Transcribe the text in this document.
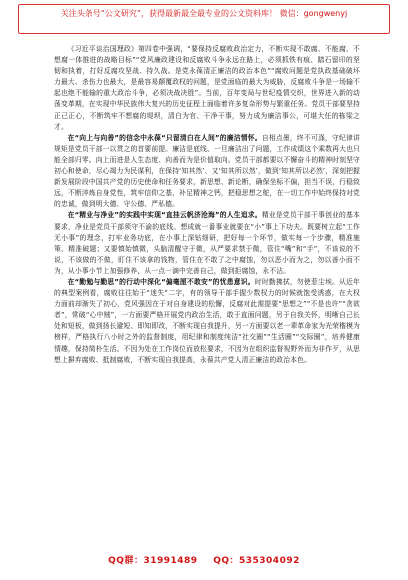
关注头条号“公文研究”，获得最新最全最专业的公文资料库！ 微信：gongwenyj

《习近平谈治国理政》第四卷中强调，“要保持反腐败政治定力，不断实现不敢腐、不能腐、不想腐一体推进的战略目标”“党风廉政建设和反腐败斗争永远在路上，必须抓铁有痕、踏石留印的坚韧和执着，打好反腐攻坚战、持久战。是党永葆清正廉洁的政治本色”“腐败问题是党执政基础破坏力最大、杀伤力也最大，是最容易颠覆政权的问题，是党面临的最大为威胁，反腐败斗争是一场输不起也绝不能输的重大政治斗争，必须决战决胜”。当前，百年变局与世纪疫情交织，世界进入新的动荡变革期，在实现中华民族伟大复兴的历史征程上面临着许多复杂形势与繁重任务。党员干部要坚持正己正心，不断筑牢不想腐的堤坝，清白为官、干净干事，努力成为廉洁事公，可堪大任的栋梁之才。

在“向上与向善”的信念中永葆“只留清白在人间”的廉洁情怀。自相点墨，终不可涤，守纪律讲规矩是党员干部一以贯之的首要前提。廉洁是底线、一旦廉洁出了问题，工作成绩这个乘数再大也只能全部归零。向上而进是人生态度、向善而为是价值取向。党员干部都要以不懈奋斗的精神时刻坚守初心和使命，尽心竭力为民谋利，在保持‘知其然’、又‘知其所以然’，做到‘知其所以必然’，深刻把握新发展阶段中国共产党的历史使命和任务要求，新思想、新论断，确保坐标不偏，担当不误，行稳致远，不断淬炼自身党性，筑牢信仰之基，补足精神之钙，把稳思想之舵，在一切工作中始终保持对党的忠诚，做到明大德、守公德、严私德。

在“精业与净业”的实践中实现“直挂云帆济沧海”的人生追求。精业是党员干部干事创业的基本要求，净业是党员干部须守不渝的底线。想成就一番事业就要在“小”事上下功夫。既要树立起“工作无小事”的理念，打牢业务功底，在小事上深钻细研，把好每一个环节，做实每一个步骤，精准施策、精准破题；又要慎始慎微，头脑清醒守于微，从严要求禁于微，管住“嘴”和“手”，不该说的不说，不该做的不做，盯住不该拿的钱物，管住在不敢了之中腐蚀，勿以恶小而为之，勿以善小而不为，从小事小节上加强修养，从一点一滴中完善自己，做到拒腐蚀，永不沾。

在“勤勉与勤思”的行动中深化“偏毫厘不敢安”的忧患意识。时时勤拂拭，勿使惹尘埃。从近年的典型案例看，腐败往往始于“迷失”二字，有的领导干部手握少数权力的时候就饱受诱惑，在大权力面前却渐失了初心，党风强因在于对自身建设的松懈，反腐对此需提要“思想之”“不是也许”“贪欲者”，常破“心中贼”，一方面要严格开展党内政治生活，敢于直面问题，另于自我关怀，明晰自己长处和短板，做到扬长避短、即知即改，不断实现自我提升，另一方面要以老一辈革命家为光荣楷模为榜样，严格执行八小时之外的监督制度，用纪律和制度纯洁“社交圈”“生活圈”“交际圈”，培养健康情趣，保持简朴生活。不因为处在工作岗位而放松要求，不因为在组织监督视野外而为非作歹，从思想上摒弃腐败、抵制腐败，不断实现自我提高，永葆共产党人清正廉洁的政治本色。

QQ群：31991489 QQ：535304092
